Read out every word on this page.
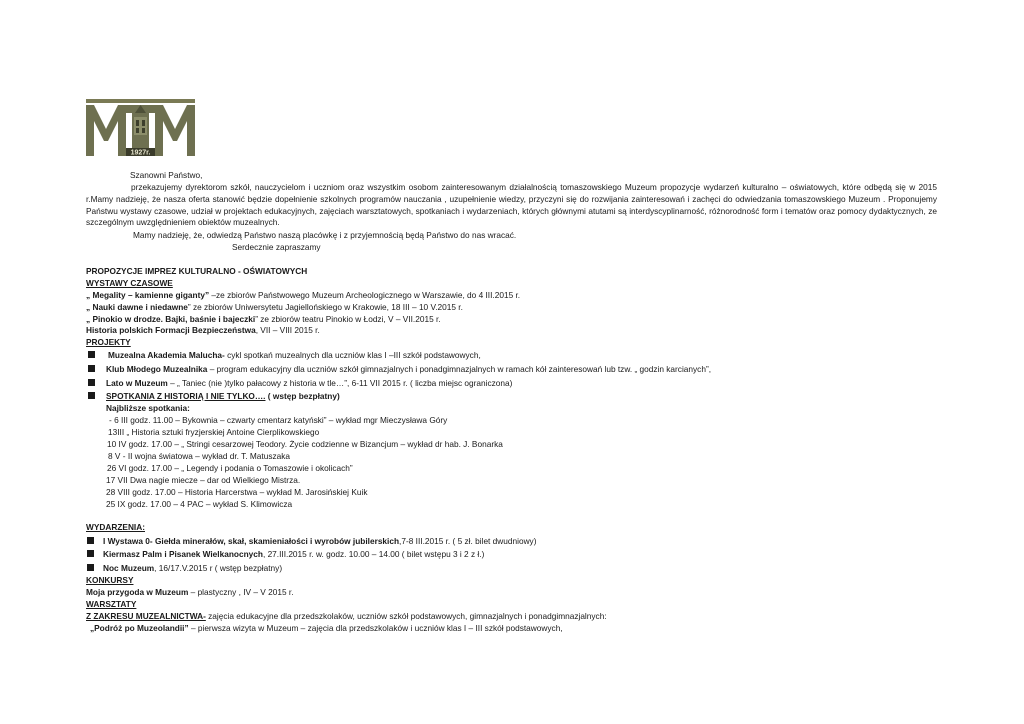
1927r.
Szanowni Państwo,
przekazujemy dyrektorom szkół, nauczycielom i uczniom oraz wszystkim osobom zainteresowanym działalnością tomaszowskiego Muzeum propozycje wydarzeń kulturalno – oświatowych, które odbędą się w 2015 r.Mamy nadzieję, że nasza oferta stanowić będzie dopełnienie szkolnych programów nauczania , uzupełnienie wiedzy, przyczyni się do rozwijania zainteresowań i zachęci do odwiedzania tomaszowskiego Muzeum . Proponujemy Państwu wystawy czasowe, udział w projektach edukacyjnych, zajęciach warsztatowych, spotkaniach i wydarzeniach, których głównymi atutami są interdyscyplinarność, różnorodność form i tematów oraz pomocy dydaktycznych, ze szczególnym uwzględnieniem obiektów muzealnych.
Mamy nadzieję, że, odwiedzą Państwo naszą placówkę i z przyjemnością będą Państwo do nas wracać.
Serdecznie zapraszamy
PROPOZYCJE IMPREZ KULTURALNO - OŚWIATOWYCH
WYSTAWY CZASOWE
„ Megality – kamienne giganty” –ze zbiorów Państwowego Muzeum Archeologicznego w Warszawie, do 4 III.2015 r.
„ Nauki dawne i niedawne” ze zbiorów Uniwersytetu Jagiellońskiego w Krakowie, 18 III – 10 V.2015 r.
„ Pinokio w drodze. Bajki, baśnie i bajeczki” ze zbiorów teatru Pinokio w Łodzi, V – VII.2015 r.
Historia polskich Formacji Bezpieczeństwa, VII – VIII 2015 r.
PROJEKTY
Muzealna Akademia Malucha- cykl spotkań muzealnych dla uczniów klas I –III szkół podstawowych,
Klub Młodego Muzealnika – program edukacyjny dla uczniów szkół gimnazjalnych i ponadgimnazjalnych w ramach kół zainteresowań lub tzw. „ godzin karcianych”,
Lato w Muzeum – „ Taniec (nie )tylko pałacowy z historia w tle…”, 6-11 VII 2015 r. ( liczba miejsc ograniczona)
SPOTKANIA Z HISTORIĄ I NIE TYLKO…. ( wstęp bezpłatny)
Najbliższe spotkania:
- 6 III godz. 11.00 – Bykownia – czwarty cmentarz katyński” – wykład mgr Mieczysława Góry
13III „ Historia sztuki fryzjerskiej Antoine Cierplikowskiego
10 IV godz. 17.00 – „ Stringi cesarzowej Teodory. Życie codzienne w Bizancjum – wykład dr hab. J. Bonarka
8 V - II wojna światowa – wykład dr. T. Matuszaka
26 VI godz. 17.00 – „ Legendy i podania o Tomaszowie i okolicach”
17 VII Dwa nagie miecze – dar od Wielkiego Mistrza.
28 VIII godz. 17.00 – Historia Harcerstwa – wykład M. Jarosińskiej Kuik
25 IX godz. 17.00 – 4 PAC – wykład S. Klimowicza
WYDARZENIA:
I Wystawa 0- Giełda minerałów, skał, skamieniałości i wyrobów jubilerskich,7-8 III.2015 r. ( 5 zł. bilet dwudniowy)
Kiermasz Palm i Pisanek Wielkanocnych, 27.III.2015 r. w. godz. 10.00 – 14.00 ( bilet wstępu 3 i 2 z ł.)
Noc Muzeum, 16/17.V.2015 r ( wstęp bezpłatny)
KONKURSY
Moja przygoda w Muzeum – plastyczny , IV – V 2015 r.
WARSZTATY
Z ZAKRESU MUZEALNICTWA- zajęcia edukacyjne dla przedszkolaków, uczniów szkół podstawowych, gimnazjalnych i ponadgimnazjalnych:
„Podróż po Muzeolandii” – pierwsza wizyta w Muzeum – zajęcia dla przedszkolaków i uczniów klas I – III szkół podstawowych,
